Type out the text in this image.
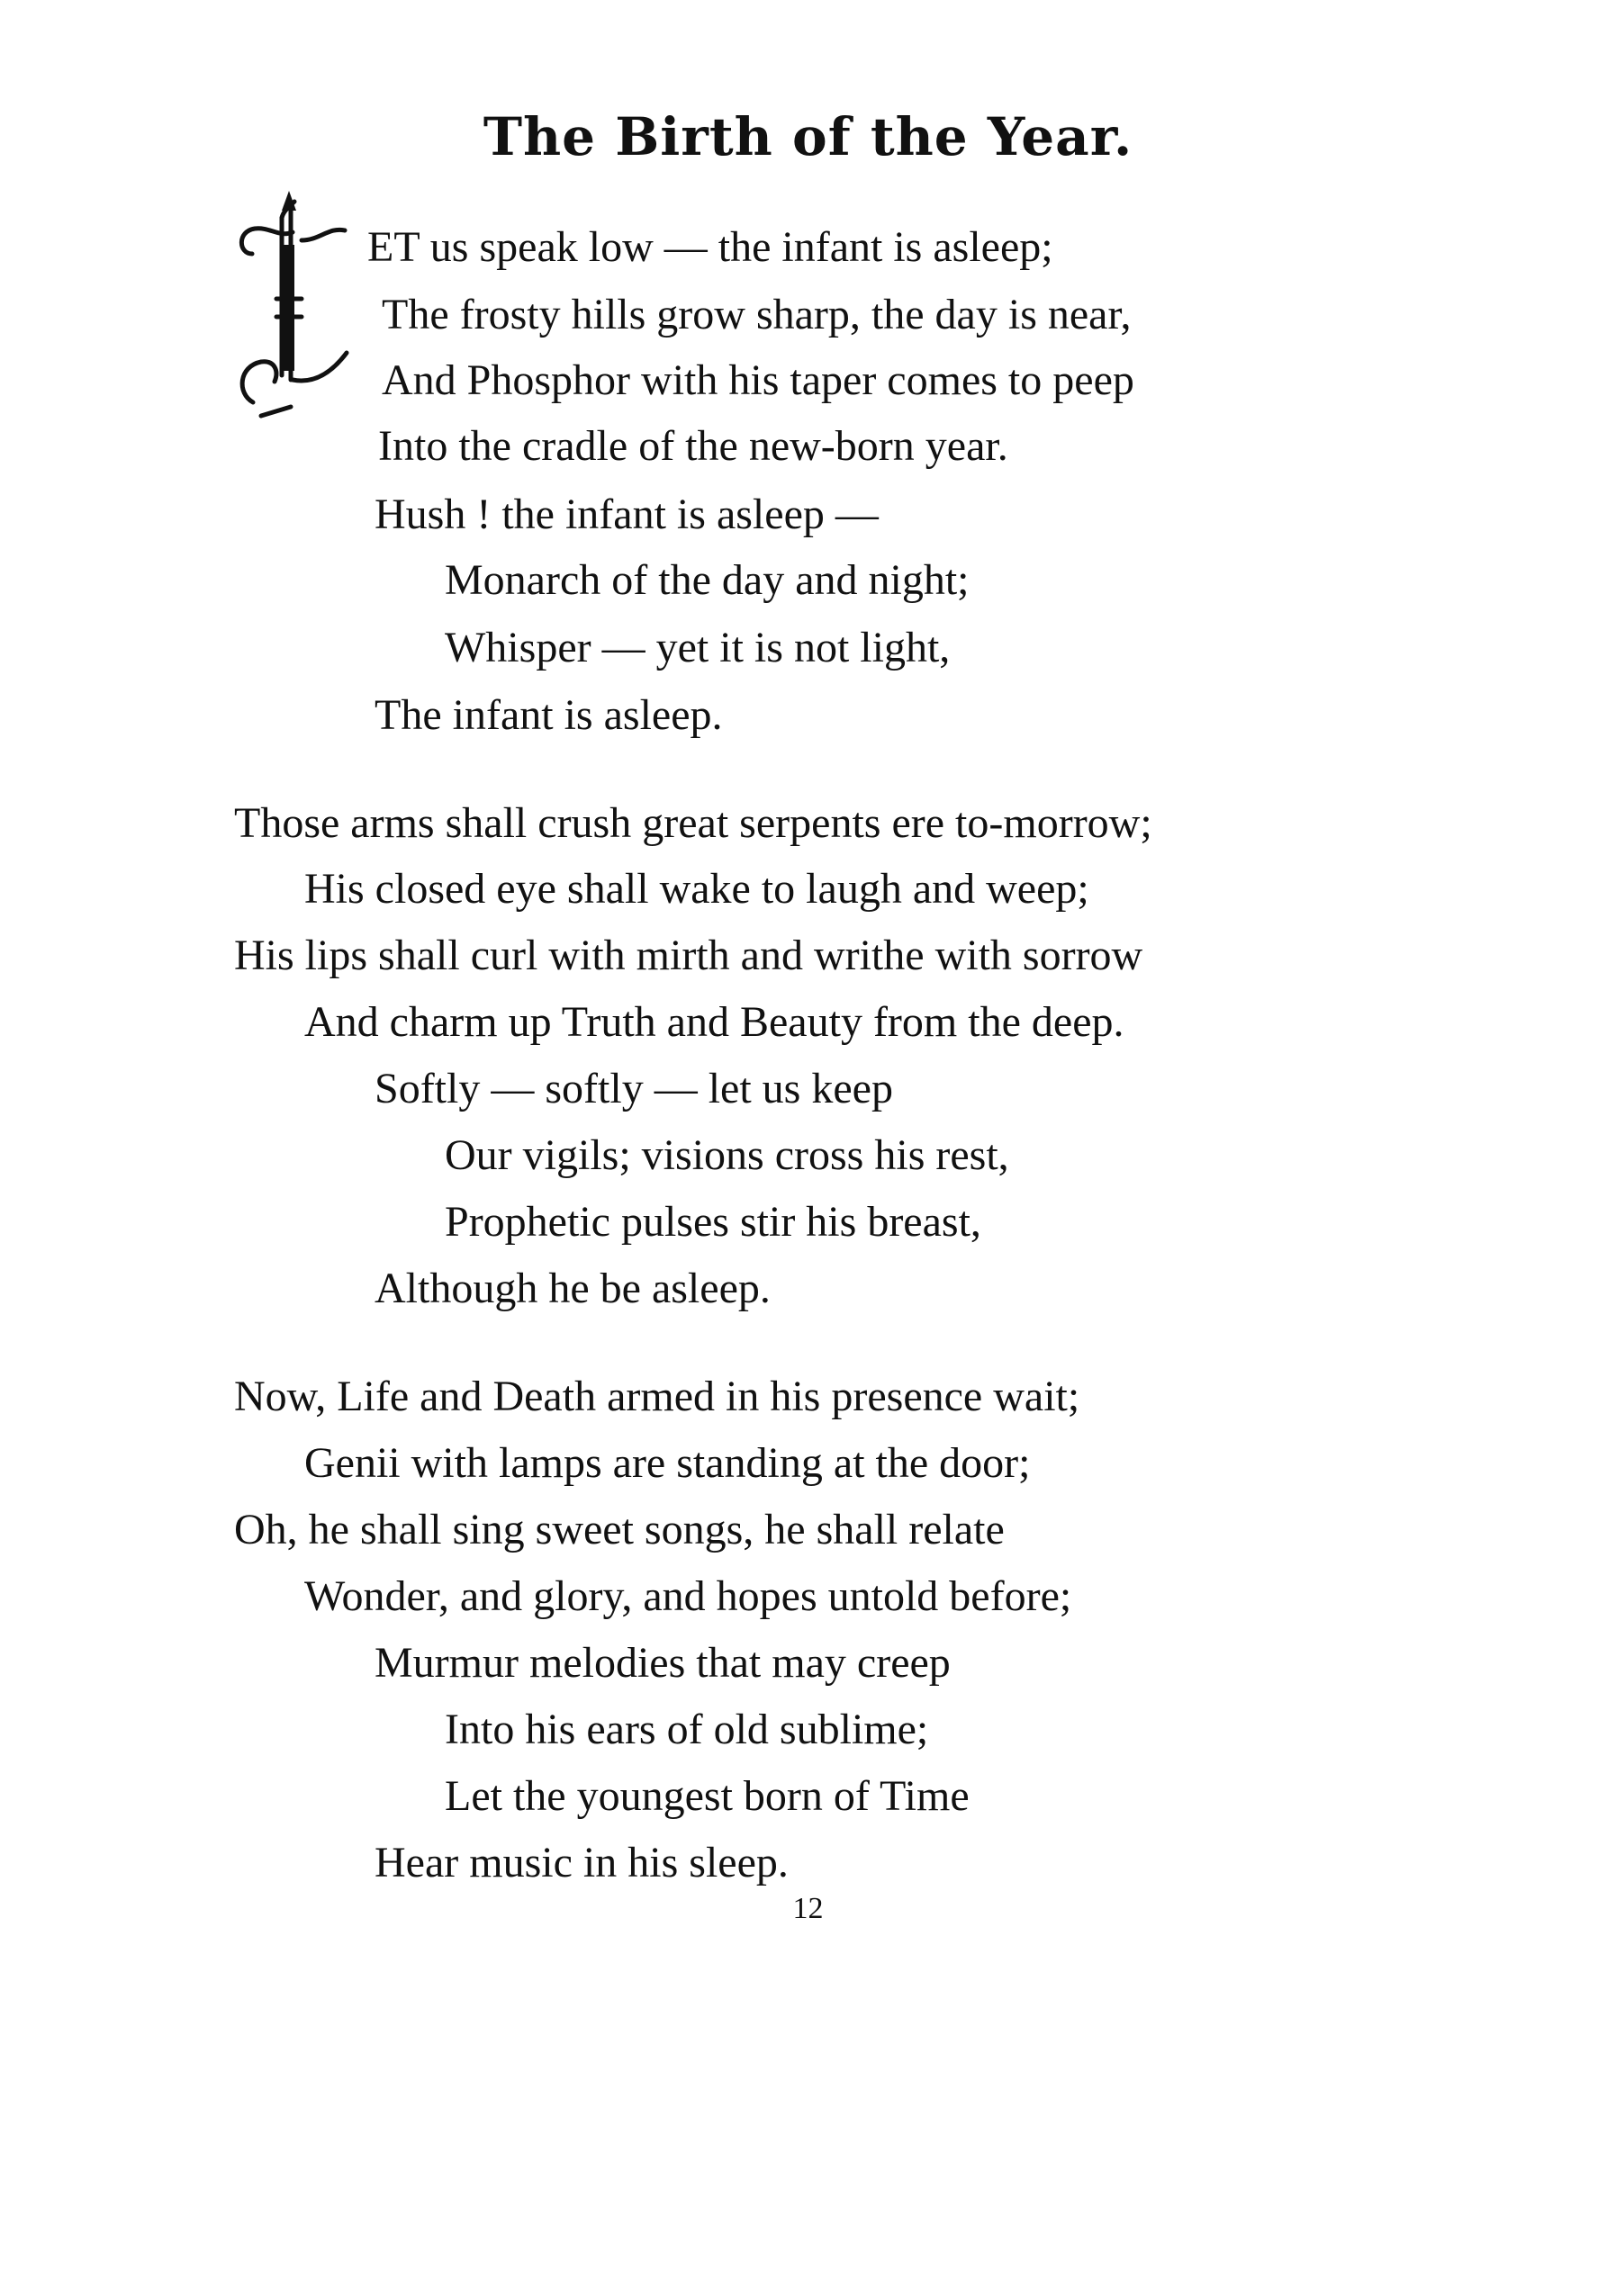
The Birth of the Year.
ET us speak low — the infant is asleep;
The frosty hills grow sharp, the day is near,
And Phosphor with his taper comes to peep
Into the cradle of the new-born year.
Hush ! the infant is asleep —
Monarch of the day and night;
Whisper — yet it is not light,
The infant is asleep.
Those arms shall crush great serpents ere to-morrow;
His closed eye shall wake to laugh and weep;
His lips shall curl with mirth and writhe with sorrow
And charm up Truth and Beauty from the deep.
Softly — softly — let us keep
Our vigils; visions cross his rest,
Prophetic pulses stir his breast,
Although he be asleep.
Now, Life and Death armed in his presence wait;
Genii with lamps are standing at the door;
Oh, he shall sing sweet songs, he shall relate
Wonder, and glory, and hopes untold before;
Murmur melodies that may creep
Into his ears of old sublime;
Let the youngest born of Time
Hear music in his sleep.
12
